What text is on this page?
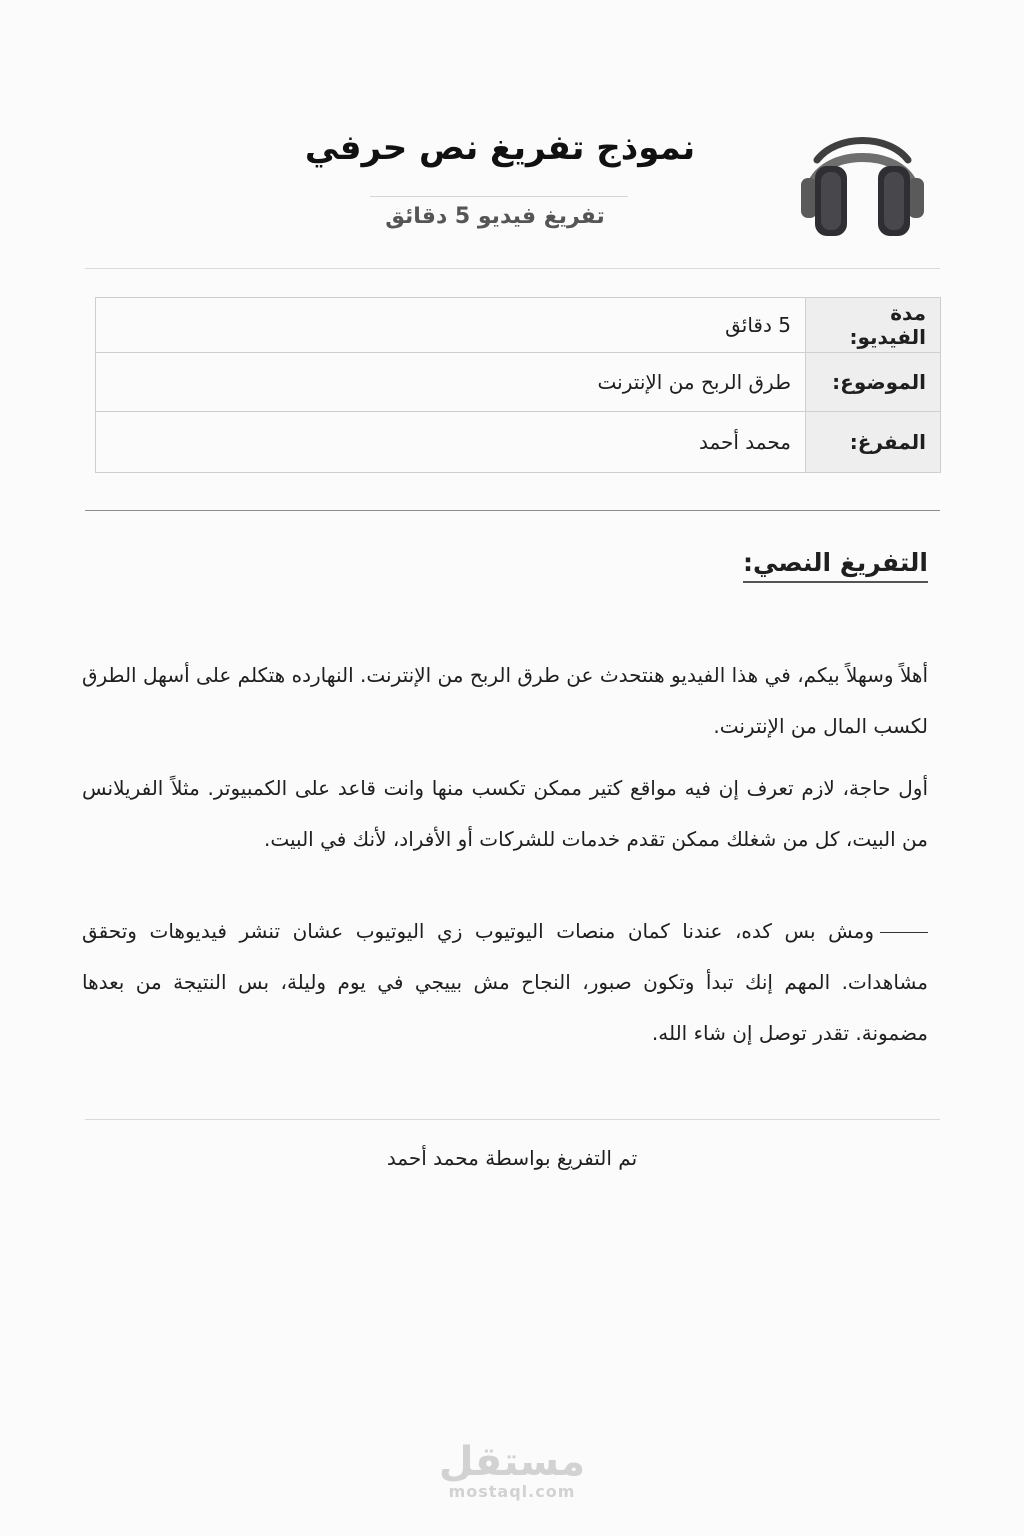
نموذج تفريغ نص حرفي
تفريغ فيديو 5 دقائق
مدة الفيديو:	5 دقائق
الموضوع:	طرق الربح من الإنترنت
المفرغ:	محمد أحمد
التفريغ النصي:

أهلاً وسهلاً بيكم، في هذا الفيديو هنتحدث عن طرق الربح من الإنترنت. النهارده هتكلم على أسهل الطرق لكسب المال من الإنترنت.

أول حاجة، لازم تعرف إن فيه مواقع كتير ممكن تكسب منها وانت قاعد على الكمبيوتر. مثلاً الفريلانس من البيت، كل من شغلك ممكن تقدم خدمات للشركات أو الأفراد، لأنك في البيت.

ومش بس كده، عندنا كمان منصات اليوتيوب زي اليوتيوب عشان تنشر فيديوهات وتحقق مشاهدات. المهم إنك تبدأ وتكون صبور، النجاح مش بييجي في يوم وليلة، بس النتيجة من بعدها مضمونة. تقدر توصل إن شاء الله.
تم التفريغ بواسطة محمد أحمد
مستقل
mostaql.com
